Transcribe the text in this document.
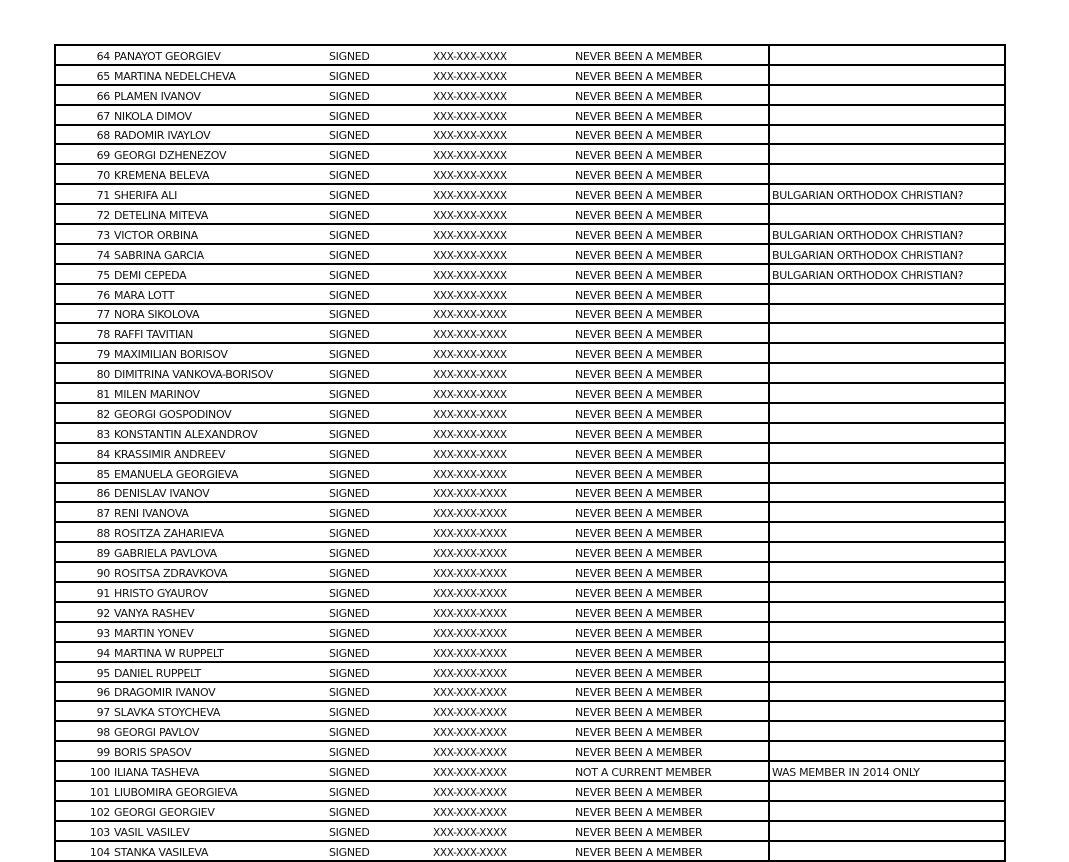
64	PANAYOT GEORGIEV	SIGNED	XXX-XXX-XXXX	NEVER BEEN A MEMBER	
65	MARTINA NEDELCHEVA	SIGNED	XXX-XXX-XXXX	NEVER BEEN A MEMBER	
66	PLAMEN IVANOV	SIGNED	XXX-XXX-XXXX	NEVER BEEN A MEMBER	
67	NIKOLA DIMOV	SIGNED	XXX-XXX-XXXX	NEVER BEEN A MEMBER	
68	RADOMIR IVAYLOV	SIGNED	XXX-XXX-XXXX	NEVER BEEN A MEMBER	
69	GEORGI DZHENEZOV	SIGNED	XXX-XXX-XXXX	NEVER BEEN A MEMBER	
70	KREMENA BELEVA	SIGNED	XXX-XXX-XXXX	NEVER BEEN A MEMBER	
71	SHERIFA ALI	SIGNED	XXX-XXX-XXXX	NEVER BEEN A MEMBER	BULGARIAN ORTHODOX CHRISTIAN?
72	DETELINA MITEVA	SIGNED	XXX-XXX-XXXX	NEVER BEEN A MEMBER	
73	VICTOR ORBINA	SIGNED	XXX-XXX-XXXX	NEVER BEEN A MEMBER	BULGARIAN ORTHODOX CHRISTIAN?
74	SABRINA GARCIA	SIGNED	XXX-XXX-XXXX	NEVER BEEN A MEMBER	BULGARIAN ORTHODOX CHRISTIAN?
75	DEMI CEPEDA	SIGNED	XXX-XXX-XXXX	NEVER BEEN A MEMBER	BULGARIAN ORTHODOX CHRISTIAN?
76	MARA LOTT	SIGNED	XXX-XXX-XXXX	NEVER BEEN A MEMBER	
77	NORA SIKOLOVA	SIGNED	XXX-XXX-XXXX	NEVER BEEN A MEMBER	
78	RAFFI TAVITIAN	SIGNED	XXX-XXX-XXXX	NEVER BEEN A MEMBER	
79	MAXIMILIAN BORISOV	SIGNED	XXX-XXX-XXXX	NEVER BEEN A MEMBER	
80	DIMITRINA VANKOVA-BORISOV	SIGNED	XXX-XXX-XXXX	NEVER BEEN A MEMBER	
81	MILEN MARINOV	SIGNED	XXX-XXX-XXXX	NEVER BEEN A MEMBER	
82	GEORGI GOSPODINOV	SIGNED	XXX-XXX-XXXX	NEVER BEEN A MEMBER	
83	KONSTANTIN ALEXANDROV	SIGNED	XXX-XXX-XXXX	NEVER BEEN A MEMBER	
84	KRASSIMIR ANDREEV	SIGNED	XXX-XXX-XXXX	NEVER BEEN A MEMBER	
85	EMANUELA GEORGIEVA	SIGNED	XXX-XXX-XXXX	NEVER BEEN A MEMBER	
86	DENISLAV IVANOV	SIGNED	XXX-XXX-XXXX	NEVER BEEN A MEMBER	
87	RENI IVANOVA	SIGNED	XXX-XXX-XXXX	NEVER BEEN A MEMBER	
88	ROSITZA ZAHARIEVA	SIGNED	XXX-XXX-XXXX	NEVER BEEN A MEMBER	
89	GABRIELA PAVLOVA	SIGNED	XXX-XXX-XXXX	NEVER BEEN A MEMBER	
90	ROSITSA ZDRAVKOVA	SIGNED	XXX-XXX-XXXX	NEVER BEEN A MEMBER	
91	HRISTO GYAUROV	SIGNED	XXX-XXX-XXXX	NEVER BEEN A MEMBER	
92	VANYA RASHEV	SIGNED	XXX-XXX-XXXX	NEVER BEEN A MEMBER	
93	MARTIN YONEV	SIGNED	XXX-XXX-XXXX	NEVER BEEN A MEMBER	
94	MARTINA W RUPPELT	SIGNED	XXX-XXX-XXXX	NEVER BEEN A MEMBER	
95	DANIEL RUPPELT	SIGNED	XXX-XXX-XXXX	NEVER BEEN A MEMBER	
96	DRAGOMIR IVANOV	SIGNED	XXX-XXX-XXXX	NEVER BEEN A MEMBER	
97	SLAVKA STOYCHEVA	SIGNED	XXX-XXX-XXXX	NEVER BEEN A MEMBER	
98	GEORGI PAVLOV	SIGNED	XXX-XXX-XXXX	NEVER BEEN A MEMBER	
99	BORIS SPASOV	SIGNED	XXX-XXX-XXXX	NEVER BEEN A MEMBER	
100	ILIANA TASHEVA	SIGNED	XXX-XXX-XXXX	NOT A CURRENT MEMBER	WAS MEMBER IN 2014 ONLY
101	LIUBOMIRA GEORGIEVA	SIGNED	XXX-XXX-XXXX	NEVER BEEN A MEMBER	
102	GEORGI GEORGIEV	SIGNED	XXX-XXX-XXXX	NEVER BEEN A MEMBER	
103	VASIL VASILEV	SIGNED	XXX-XXX-XXXX	NEVER BEEN A MEMBER	
104	STANKA VASILEVA	SIGNED	XXX-XXX-XXXX	NEVER BEEN A MEMBER	
